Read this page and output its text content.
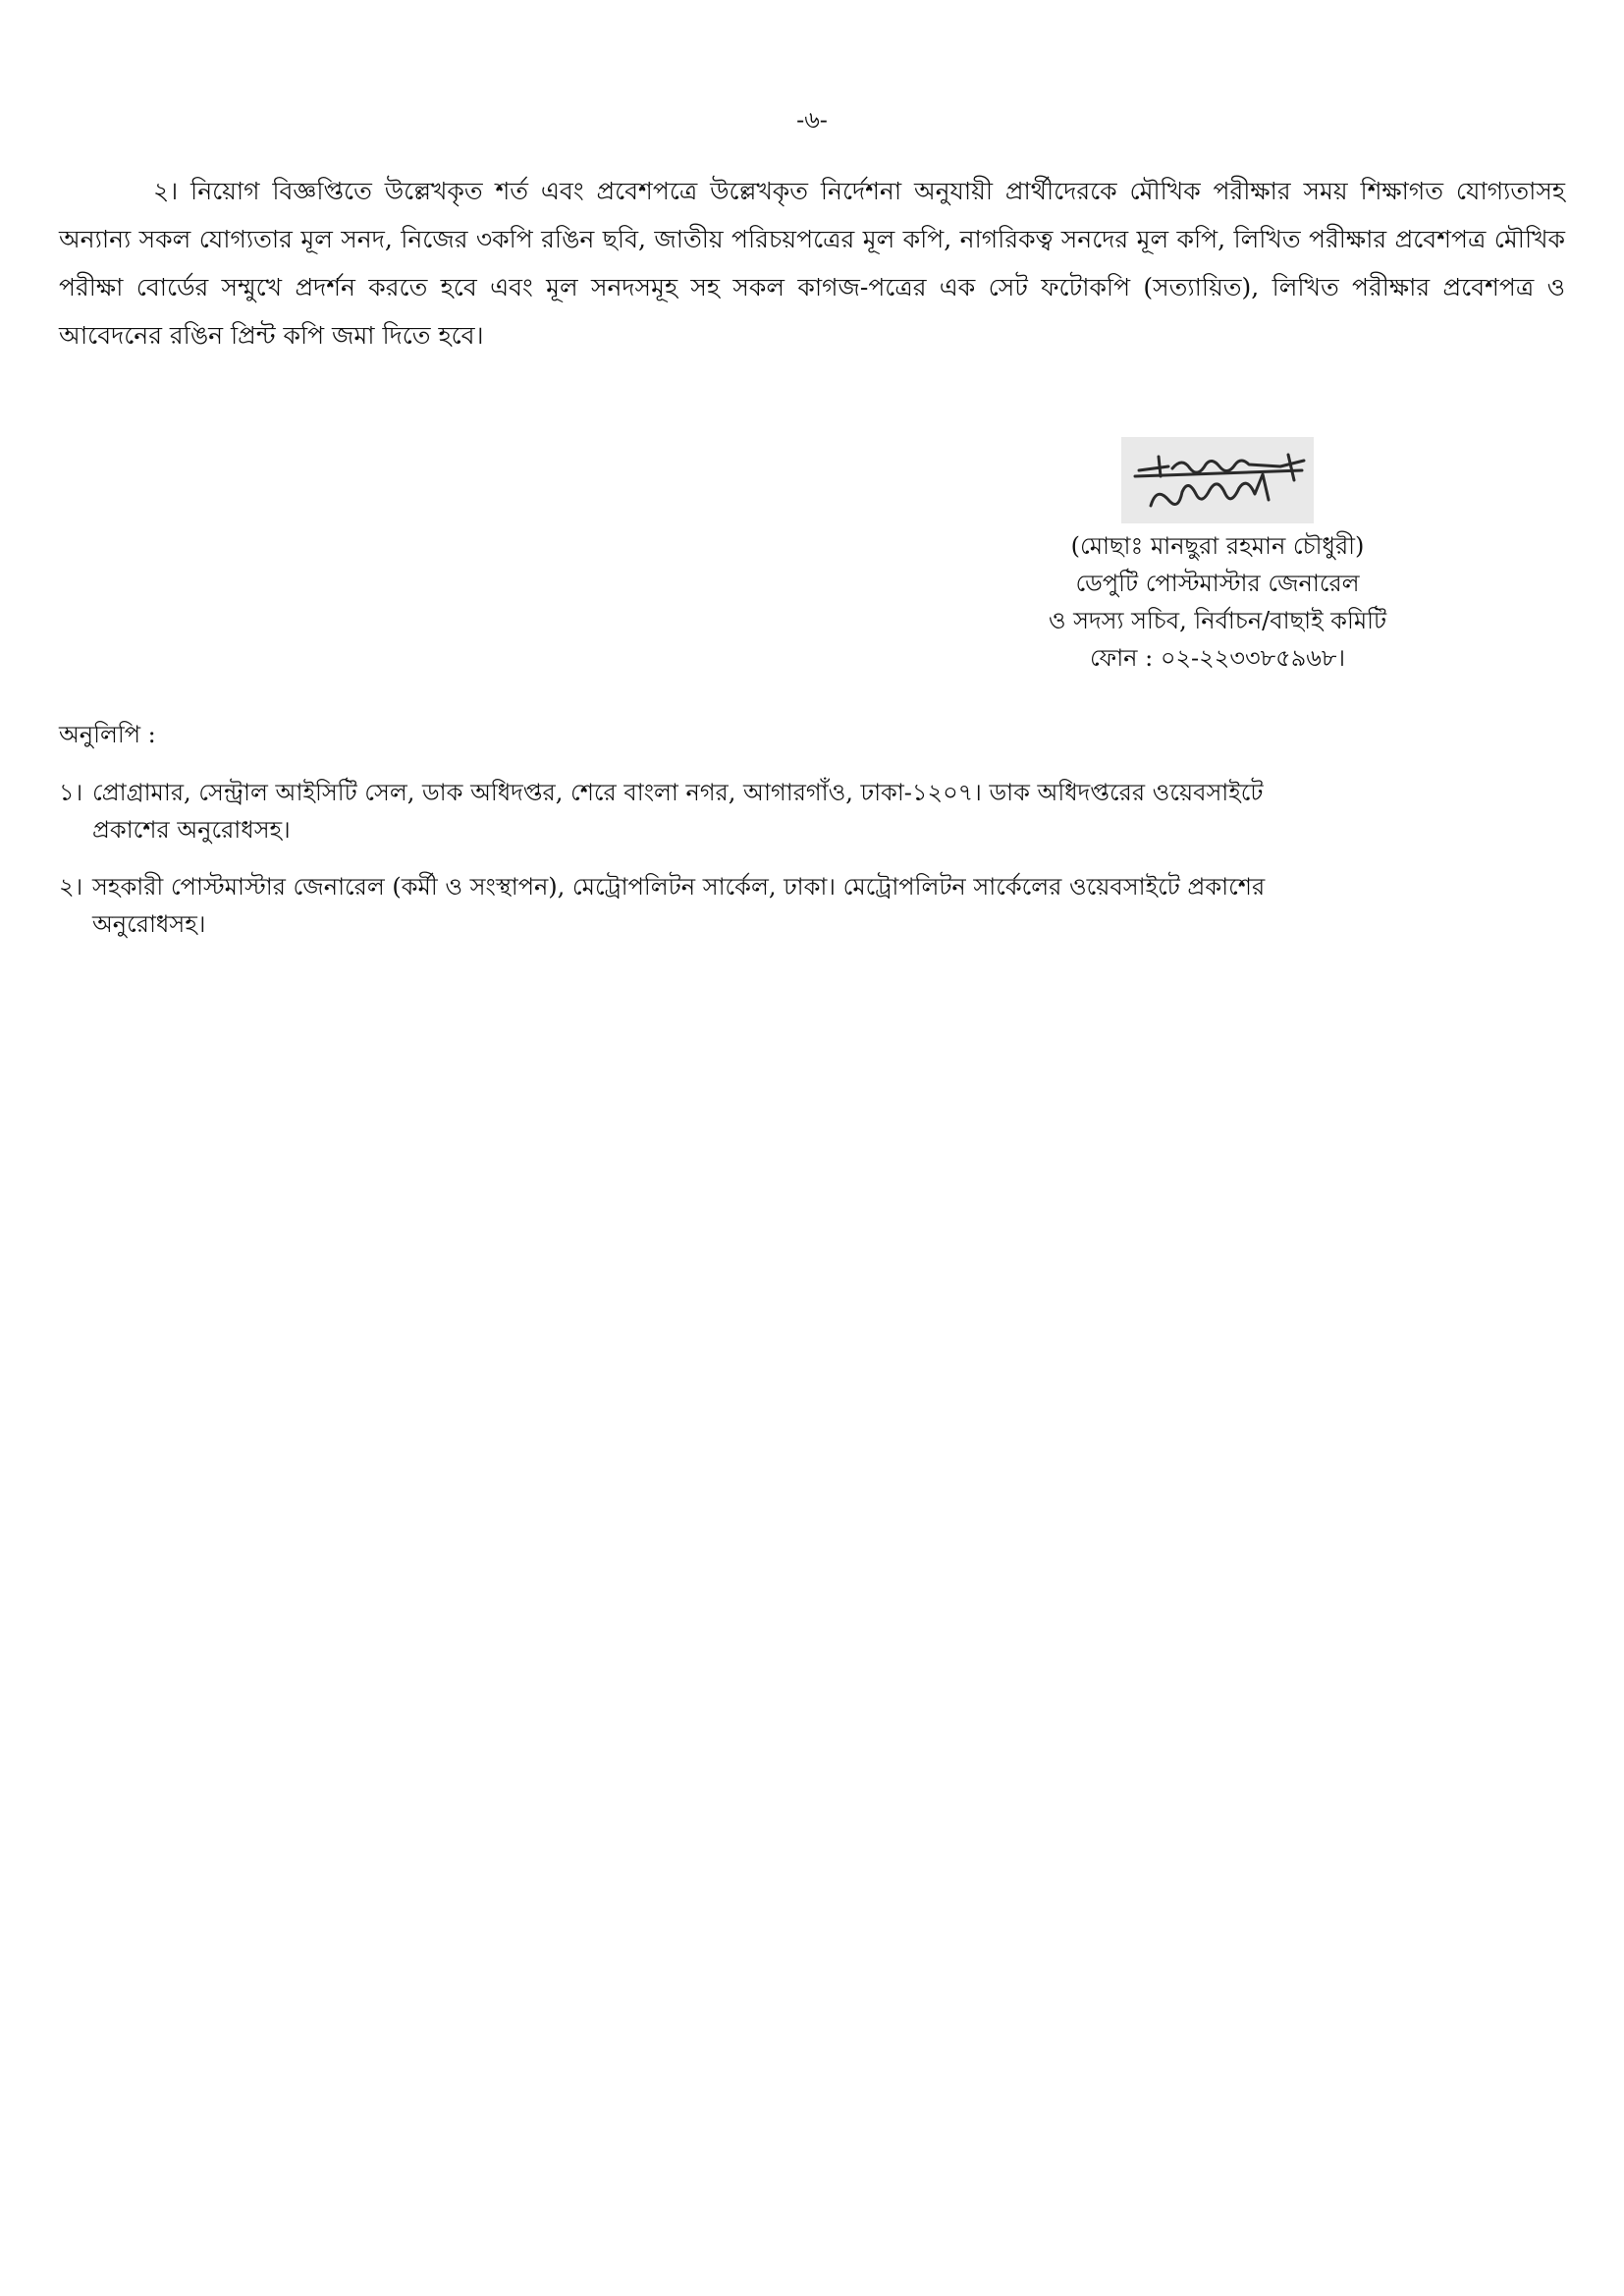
-৬-
২। নিয়োগ বিজ্ঞপ্তিতে উল্লেখকৃত শর্ত এবং প্রবেশপত্রে উল্লেখকৃত নির্দেশনা অনুযায়ী প্রার্থীদেরকে মৌখিক পরীক্ষার সময় শিক্ষাগত যোগ্যতাসহ অন্যান্য সকল যোগ্যতার মূল সনদ, নিজের ৩কপি রঙিন ছবি, জাতীয় পরিচয়পত্রের মূল কপি, নাগরিকত্ব সনদের মূল কপি, লিখিত পরীক্ষার প্রবেশপত্র মৌখিক পরীক্ষা বোর্ডের সম্মুখে প্রদর্শন করতে হবে এবং মূল সনদসমূহ সহ সকল কাগজ-পত্রের এক সেট ফটোকপি (সত্যায়িত), লিখিত পরীক্ষার প্রবেশপত্র ও আবেদনের রঙিন প্রিন্ট কপি জমা দিতে হবে।
(মোছাঃ মানছুরা রহমান চৌধুরী)
ডেপুটি পোস্টমাস্টার জেনারেল
ও সদস্য সচিব, নির্বাচন/বাছাই কমিটি
ফোন : ০২-২২৩৩৮৫৯৬৮।
অনুলিপি :
১। প্রোগ্রামার, সেন্ট্রাল আইসিটি সেল, ডাক অধিদপ্তর, শেরে বাংলা নগর, আগারগাঁও, ঢাকা-১২০৭। ডাক অধিদপ্তরের ওয়েবসাইটে
প্রকাশের অনুরোধসহ।
২। সহকারী পোস্টমাস্টার জেনারেল (কর্মী ও সংস্থাপন), মেট্রোপলিটন সার্কেল, ঢাকা। মেট্রোপলিটন সার্কেলের ওয়েবসাইটে প্রকাশের
অনুরোধসহ।
